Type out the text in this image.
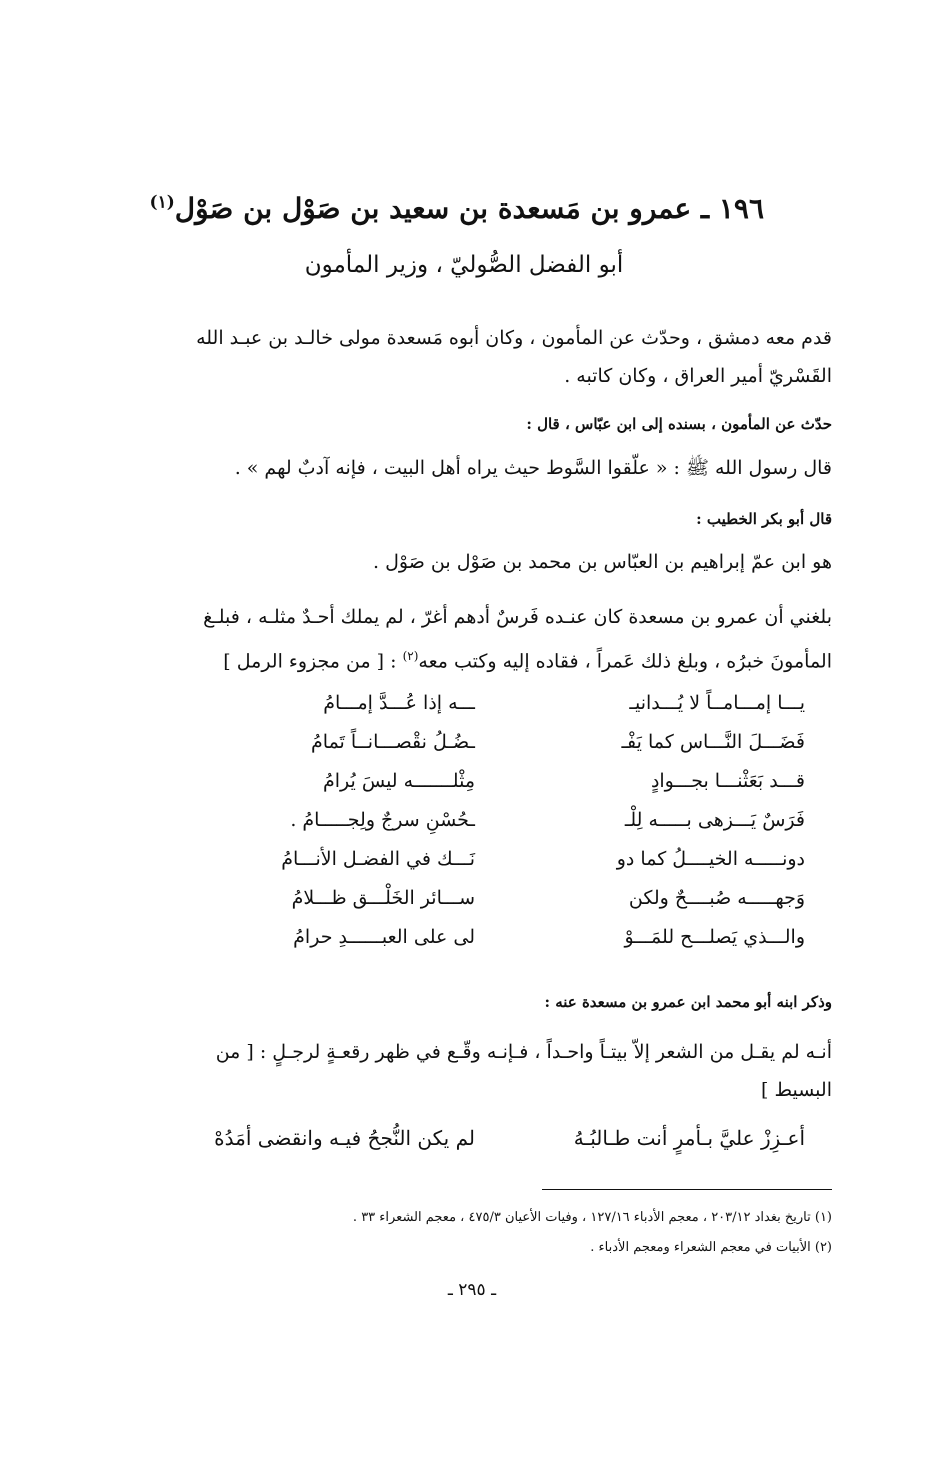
١٩٦ ـ عمرو بن مَسعدة بن سعيد بن صَوْل بن صَوْل$^{(١)}$
أبو الفضل الصُّوليّ ، وزير المأمون
قدم معه دمشق ، وحدّث عن المأمون ، وكان أبوه مَسعدة مولى خالـد بن عبـد الله
القَسْريّ أمير العراق ، وكان كاتبه .
حدّث عن المأمون ، بسنده إلى ابن عبّاس ، قال :
قال رسول الله ﷺ : « علّقوا السَّوط حيث يراه أهل البيت ، فإنه آدبٌ لهم » .
قال أبو بكر الخطيب :
هو ابن عمّ إبراهيم بن العبّاس بن محمد بن صَوْل بن صَوْل .
بلغني أن عمرو بن مسعدة كان عنـده فَرسٌ أدهم أغرّ ، لم يملك أحـدٌ مثلـه ، فبلـغ
المأمونَ خبرُه ، وبلغ ذلك عَمراً ، فقاده إليه وكتب معه$^{(٢)}$ : [ من مجزوء الرمل ]
يـــا إمـــامــاً لا يُـــدانيـ
ـــه إذا عُـــدَّ إمـــامُ
فَضَـــلَ النَّـــاس كما يَفْـ
ـضُـلُ نقْصـــانــاً تَمامُ
قـــد بَعَثْنـــا بجـــوادٍ
مِثْلـــــــه ليسَ يُرامُ
فَرَسٌ يَـــزهى بـــــه لِلْـ
ـحُسْنِ سرجٌ ولِجـــــامُ .
دونـــــه الخيــــلُ كما دو
نَـــك في الفضـل الأنـــامُ
وَجهـــــه صُبــــحٌ ولكن
ســـائر الخَلْـــق ظـــلامُ
والـــذي يَصلـــح للمَـــوْ
لى على العبــــــدِ حرامُ
وذكر ابنه أبو محمد ابن عمرو بن مسعدة عنه :
أنـه لم يقـل من الشعر إلاّ بيتـاً واحـداً ، فـإنـه وقّـع في ظهر رقعـةٍ لرجـلٍ : [ من
البسيط ]
أعـزِزْ عليَّ بـأمرٍ أنت طـالبُـهُ
لم يكن النُّجحُ فيـه وانقضى أمَدُهْ
(١) تاريخ بغداد ٢٠٣/١٢ ، معجم الأدباء ١٢٧/١٦ ، وفيات الأعيان ٤٧٥/٣ ، معجم الشعراء ٣٣ .
(٢) الأبيات في معجم الشعراء ومعجم الأدباء .
ـ ٢٩٥ ـ
